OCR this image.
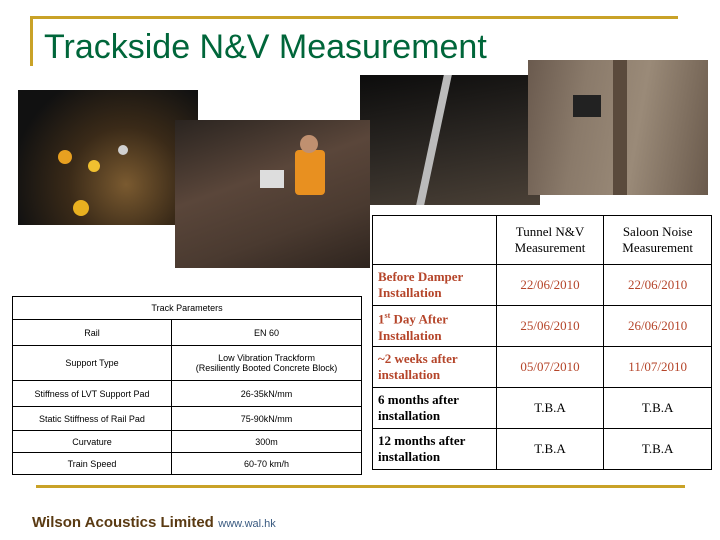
Trackside N&V Measurement
Track Parameters	
Rail	EN 60
Support Type	Low Vibration Trackform
(Resiliently Booted Concrete Block)

Stiffness of LVT Support Pad	26-35kN/mm
Static Stiffness of Rail Pad	75-90kN/mm
Curvature	300m
Train Speed	60-70 km/h
	Tunnel N&V Measurement	Saloon Noise Measurement
Before Damper Installation	22/06/2010	22/06/2010
1st Day After Installation	25/06/2010	26/06/2010
~2 weeks after installation	05/07/2010	11/07/2010
6 months after installation	T.B.A	T.B.A
12 months after installation	T.B.A	T.B.A
Wilson Acoustics Limited www.wal.hk
